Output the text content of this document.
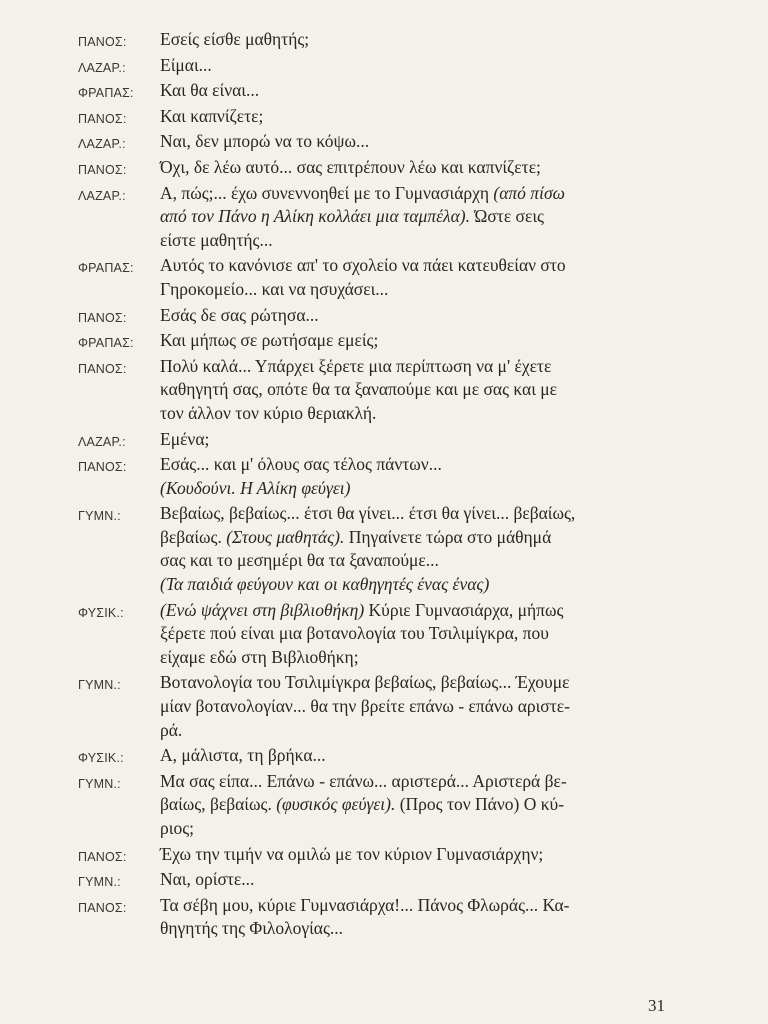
ΠΑΝΟΣ:	Εσείς είσθε μαθητής;

ΛΑΖΑΡ.:	Είμαι...

ΦΡΑΠΑΣ:	Και θα είναι...

ΠΑΝΟΣ:	Και καπνίζετε;

ΛΑΖΑΡ.:	Ναι, δεν μπορώ να το κόψω...

ΠΑΝΟΣ:	Όχι, δε λέω αυτό... σας επιτρέπουν λέω και καπνίζετε;

ΛΑΖΑΡ.:	Α, πώς;... έχω συνεννοηθεί με το Γυμνασιάρχη (από πίσω

από τον Πάνο η Αλίκη κολλάει μια ταμπέλα). Ώστε σεις

είστε μαθητής...

ΦΡΑΠΑΣ:	Αυτός το κανόνισε απ' το σχολείο να πάει κατευθείαν στο

Γηροκομείο... και να ησυχάσει...

ΠΑΝΟΣ:	Εσάς δε σας ρώτησα...

ΦΡΑΠΑΣ:	Και μήπως σε ρωτήσαμε εμείς;

ΠΑΝΟΣ:	Πολύ καλά... Υπάρχει ξέρετε μια περίπτωση να μ' έχετε

καθηγητή σας, οπότε θα τα ξαναπούμε και με σας και με

τον άλλον τον κύριο θεριακλή.

ΛΑΖΑΡ.:	Εμένα;

ΠΑΝΟΣ:	Εσάς... και μ' όλους σας τέλος πάντων...

(Κουδούνι. Η Αλίκη φεύγει)

ΓΥΜΝ.:	Βεβαίως, βεβαίως... έτσι θα γίνει... έτσι θα γίνει... βεβαίως,

βεβαίως. (Στους μαθητάς). Πηγαίνετε τώρα στο μάθημά

σας και το μεσημέρι θα τα ξαναπούμε...

(Τα παιδιά φεύγουν και οι καθηγητές ένας ένας)

ΦΥΣΙΚ.:	(Ενώ ψάχνει στη βιβλιοθήκη) Κύριε Γυμνασιάρχα, μήπως

ξέρετε πού είναι μια βοτανολογία του Τσιλιμίγκρα, που

είχαμε εδώ στη Βιβλιοθήκη;

ΓΥΜΝ.:	Βοτανολογία του Τσιλιμίγκρα βεβαίως, βεβαίως... Έχουμε

μίαν βοτανολογίαν... θα την βρείτε επάνω - επάνω αριστε-

ρά.

ΦΥΣΙΚ.:	Α, μάλιστα, τη βρήκα...

ΓΥΜΝ.:	Μα σας είπα... Επάνω - επάνω... αριστερά... Αριστερά βε-

βαίως, βεβαίως. (φυσικός φεύγει). (Προς τον Πάνο) Ο κύ-

ριος;

ΠΑΝΟΣ:	Έχω την τιμήν να ομιλώ με τον κύριον Γυμνασιάρχην;

ΓΥΜΝ.:	Ναι, ορίστε...

ΠΑΝΟΣ:	Τα σέβη μου, κύριε Γυμνασιάρχα!... Πάνος Φλωράς... Κα-

θηγητής της Φιλολογίας...

31
